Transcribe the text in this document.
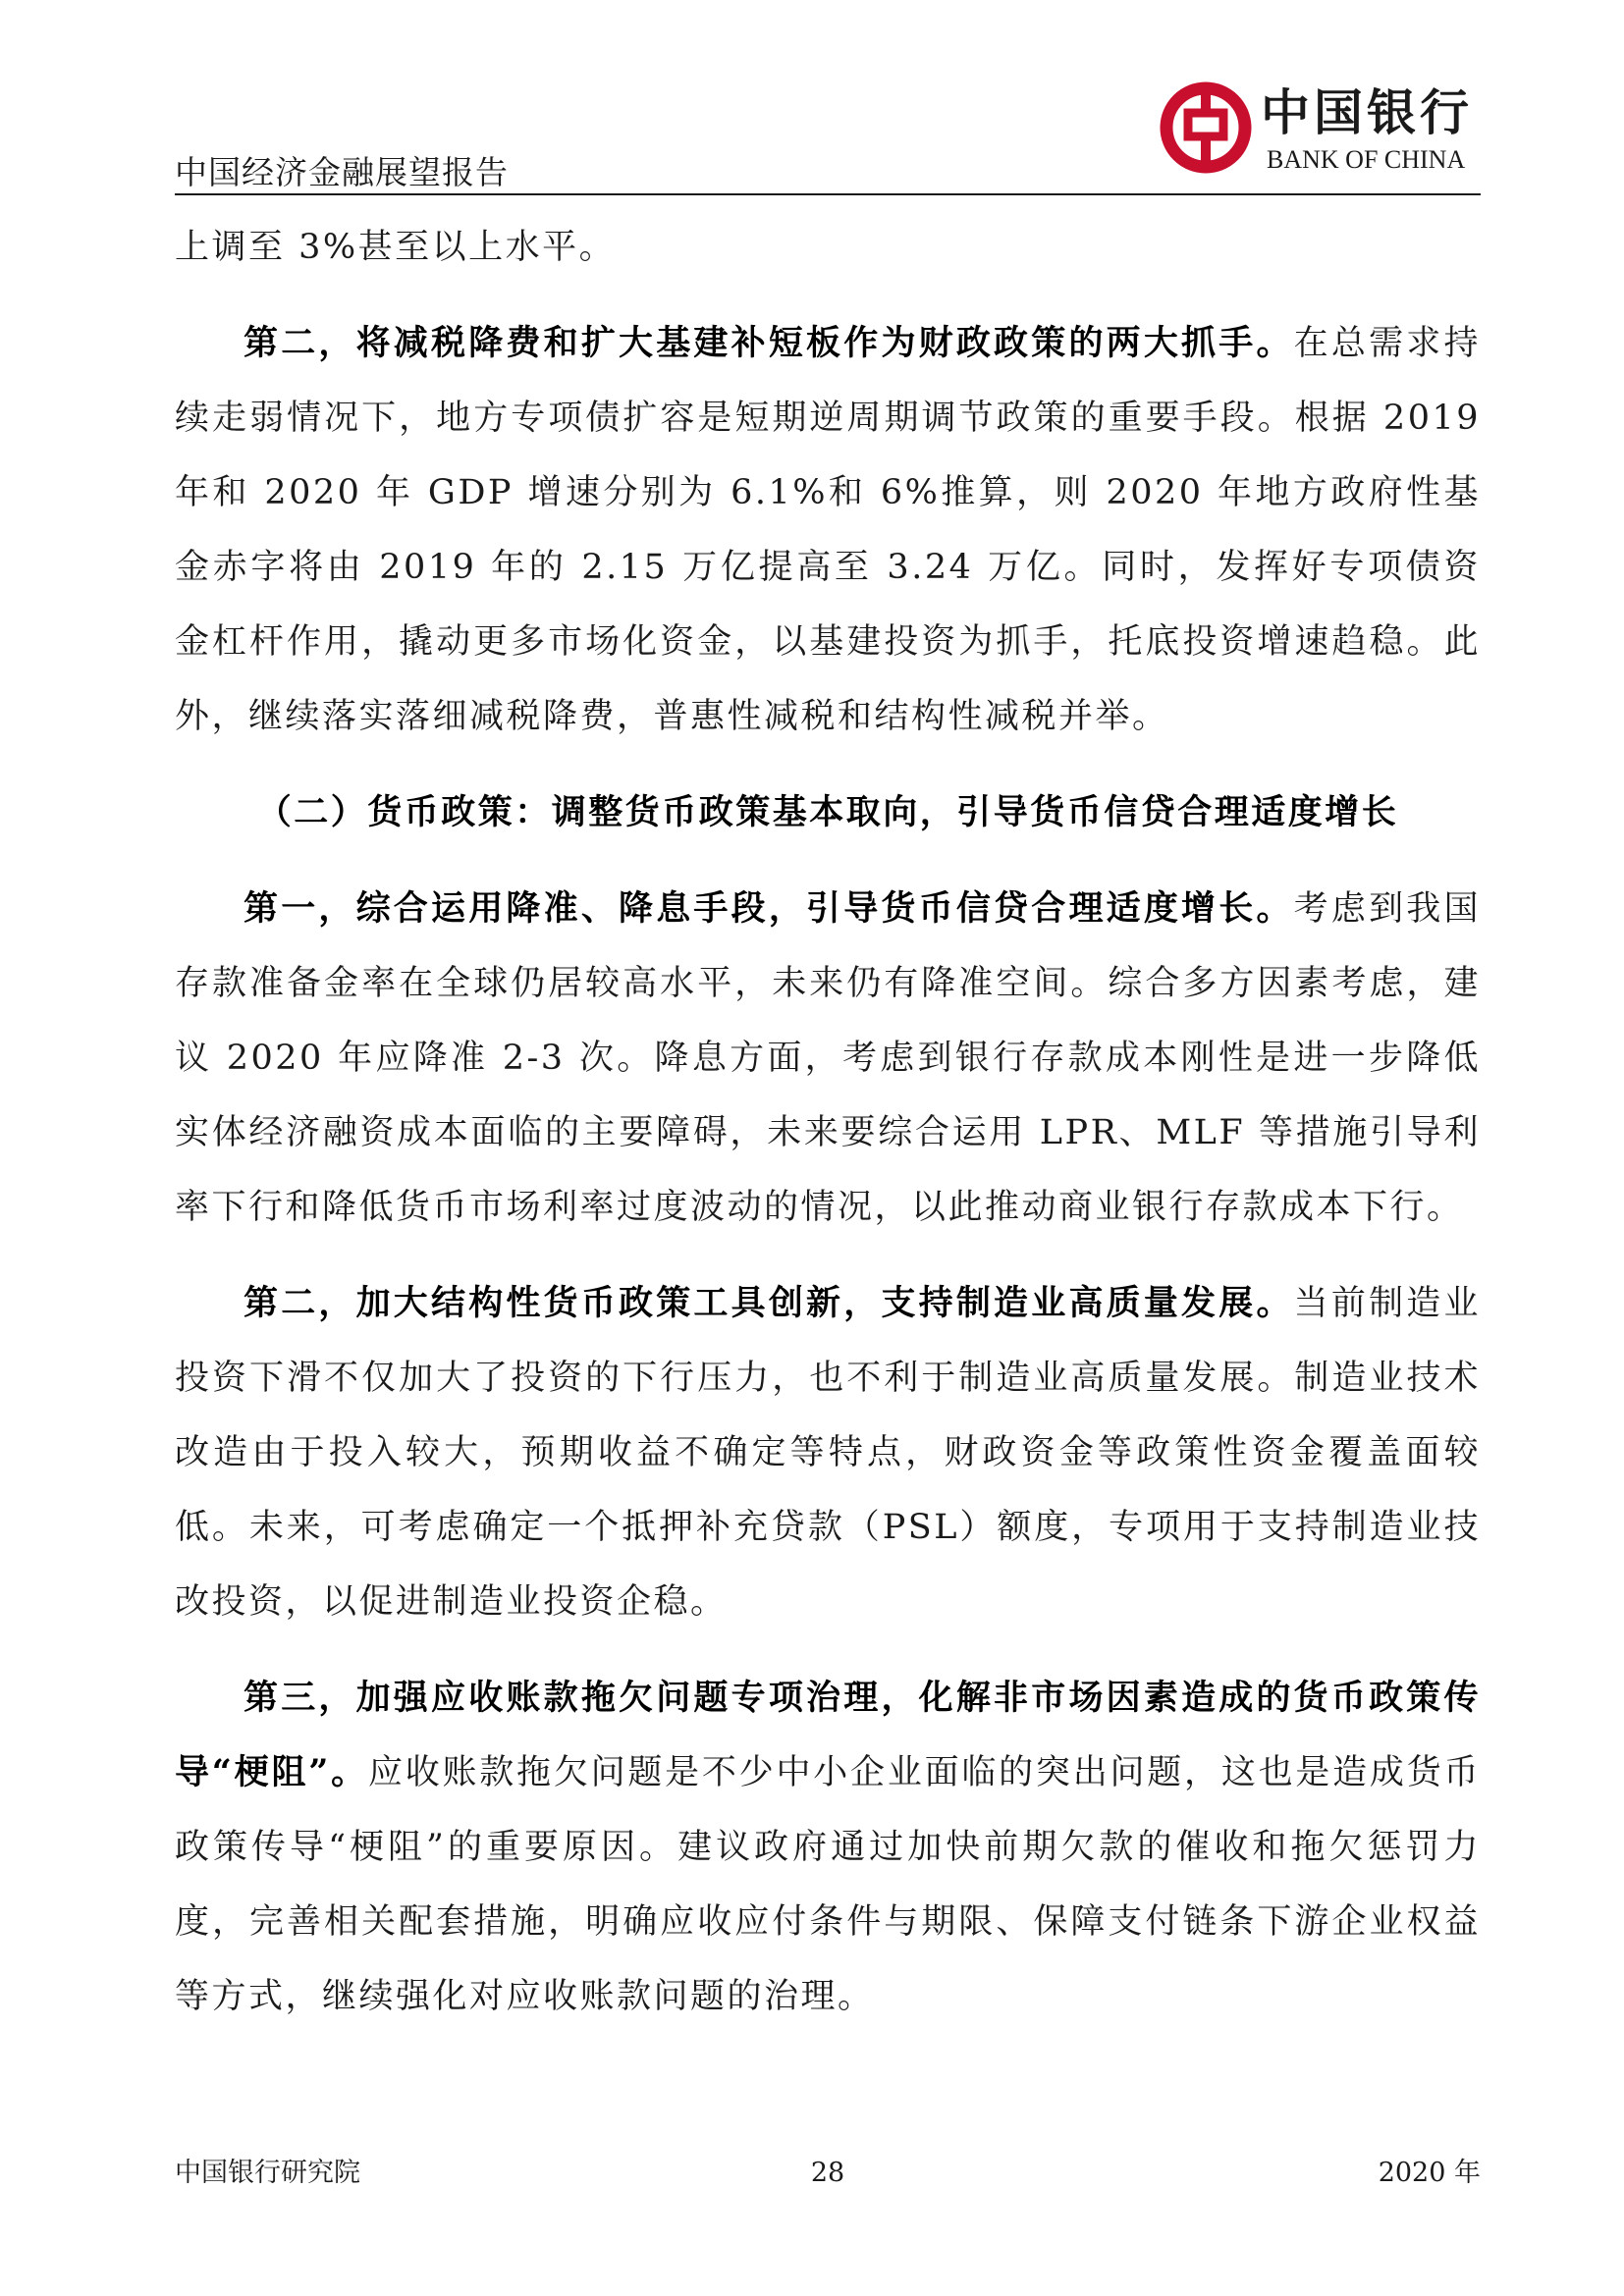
中国经济金融展望报告
中国银行
BANK OF CHINA

上调至 3%甚至以上水平。

第二，将减税降费和扩大基建补短板作为财政政策的两大抓手。在总需求持续走弱情况下，地方专项债扩容是短期逆周期调节政策的重要手段。根据 2019 年和 2020 年 GDP 增速分别为 6.1%和 6%推算，则 2020 年地方政府性基金赤字将由 2019 年的 2.15 万亿提高至 3.24 万亿。同时，发挥好专项债资金杠杆作用，撬动更多市场化资金，以基建投资为抓手，托底投资增速趋稳。此外，继续落实落细减税降费，普惠性减税和结构性减税并举。

（二）货币政策：调整货币政策基本取向，引导货币信贷合理适度增长

第一，综合运用降准、降息手段，引导货币信贷合理适度增长。考虑到我国存款准备金率在全球仍居较高水平，未来仍有降准空间。综合多方因素考虑，建议 2020 年应降准 2-3 次。降息方面，考虑到银行存款成本刚性是进一步降低实体经济融资成本面临的主要障碍，未来要综合运用 LPR、MLF 等措施引导利率下行和降低货币市场利率过度波动的情况，以此推动商业银行存款成本下行。

第二，加大结构性货币政策工具创新，支持制造业高质量发展。当前制造业投资下滑不仅加大了投资的下行压力，也不利于制造业高质量发展。制造业技术改造由于投入较大，预期收益不确定等特点，财政资金等政策性资金覆盖面较低。未来，可考虑确定一个抵押补充贷款（PSL）额度，专项用于支持制造业技改投资，以促进制造业投资企稳。

第三，加强应收账款拖欠问题专项治理，化解非市场因素造成的货币政策传导“梗阻”。应收账款拖欠问题是不少中小企业面临的突出问题，这也是造成货币政策传导“梗阻”的重要原因。建议政府通过加快前期欠款的催收和拖欠惩罚力度，完善相关配套措施，明确应收应付条件与期限、保障支付链条下游企业权益等方式，继续强化对应收账款问题的治理。

中国银行研究院	28	2020 年
